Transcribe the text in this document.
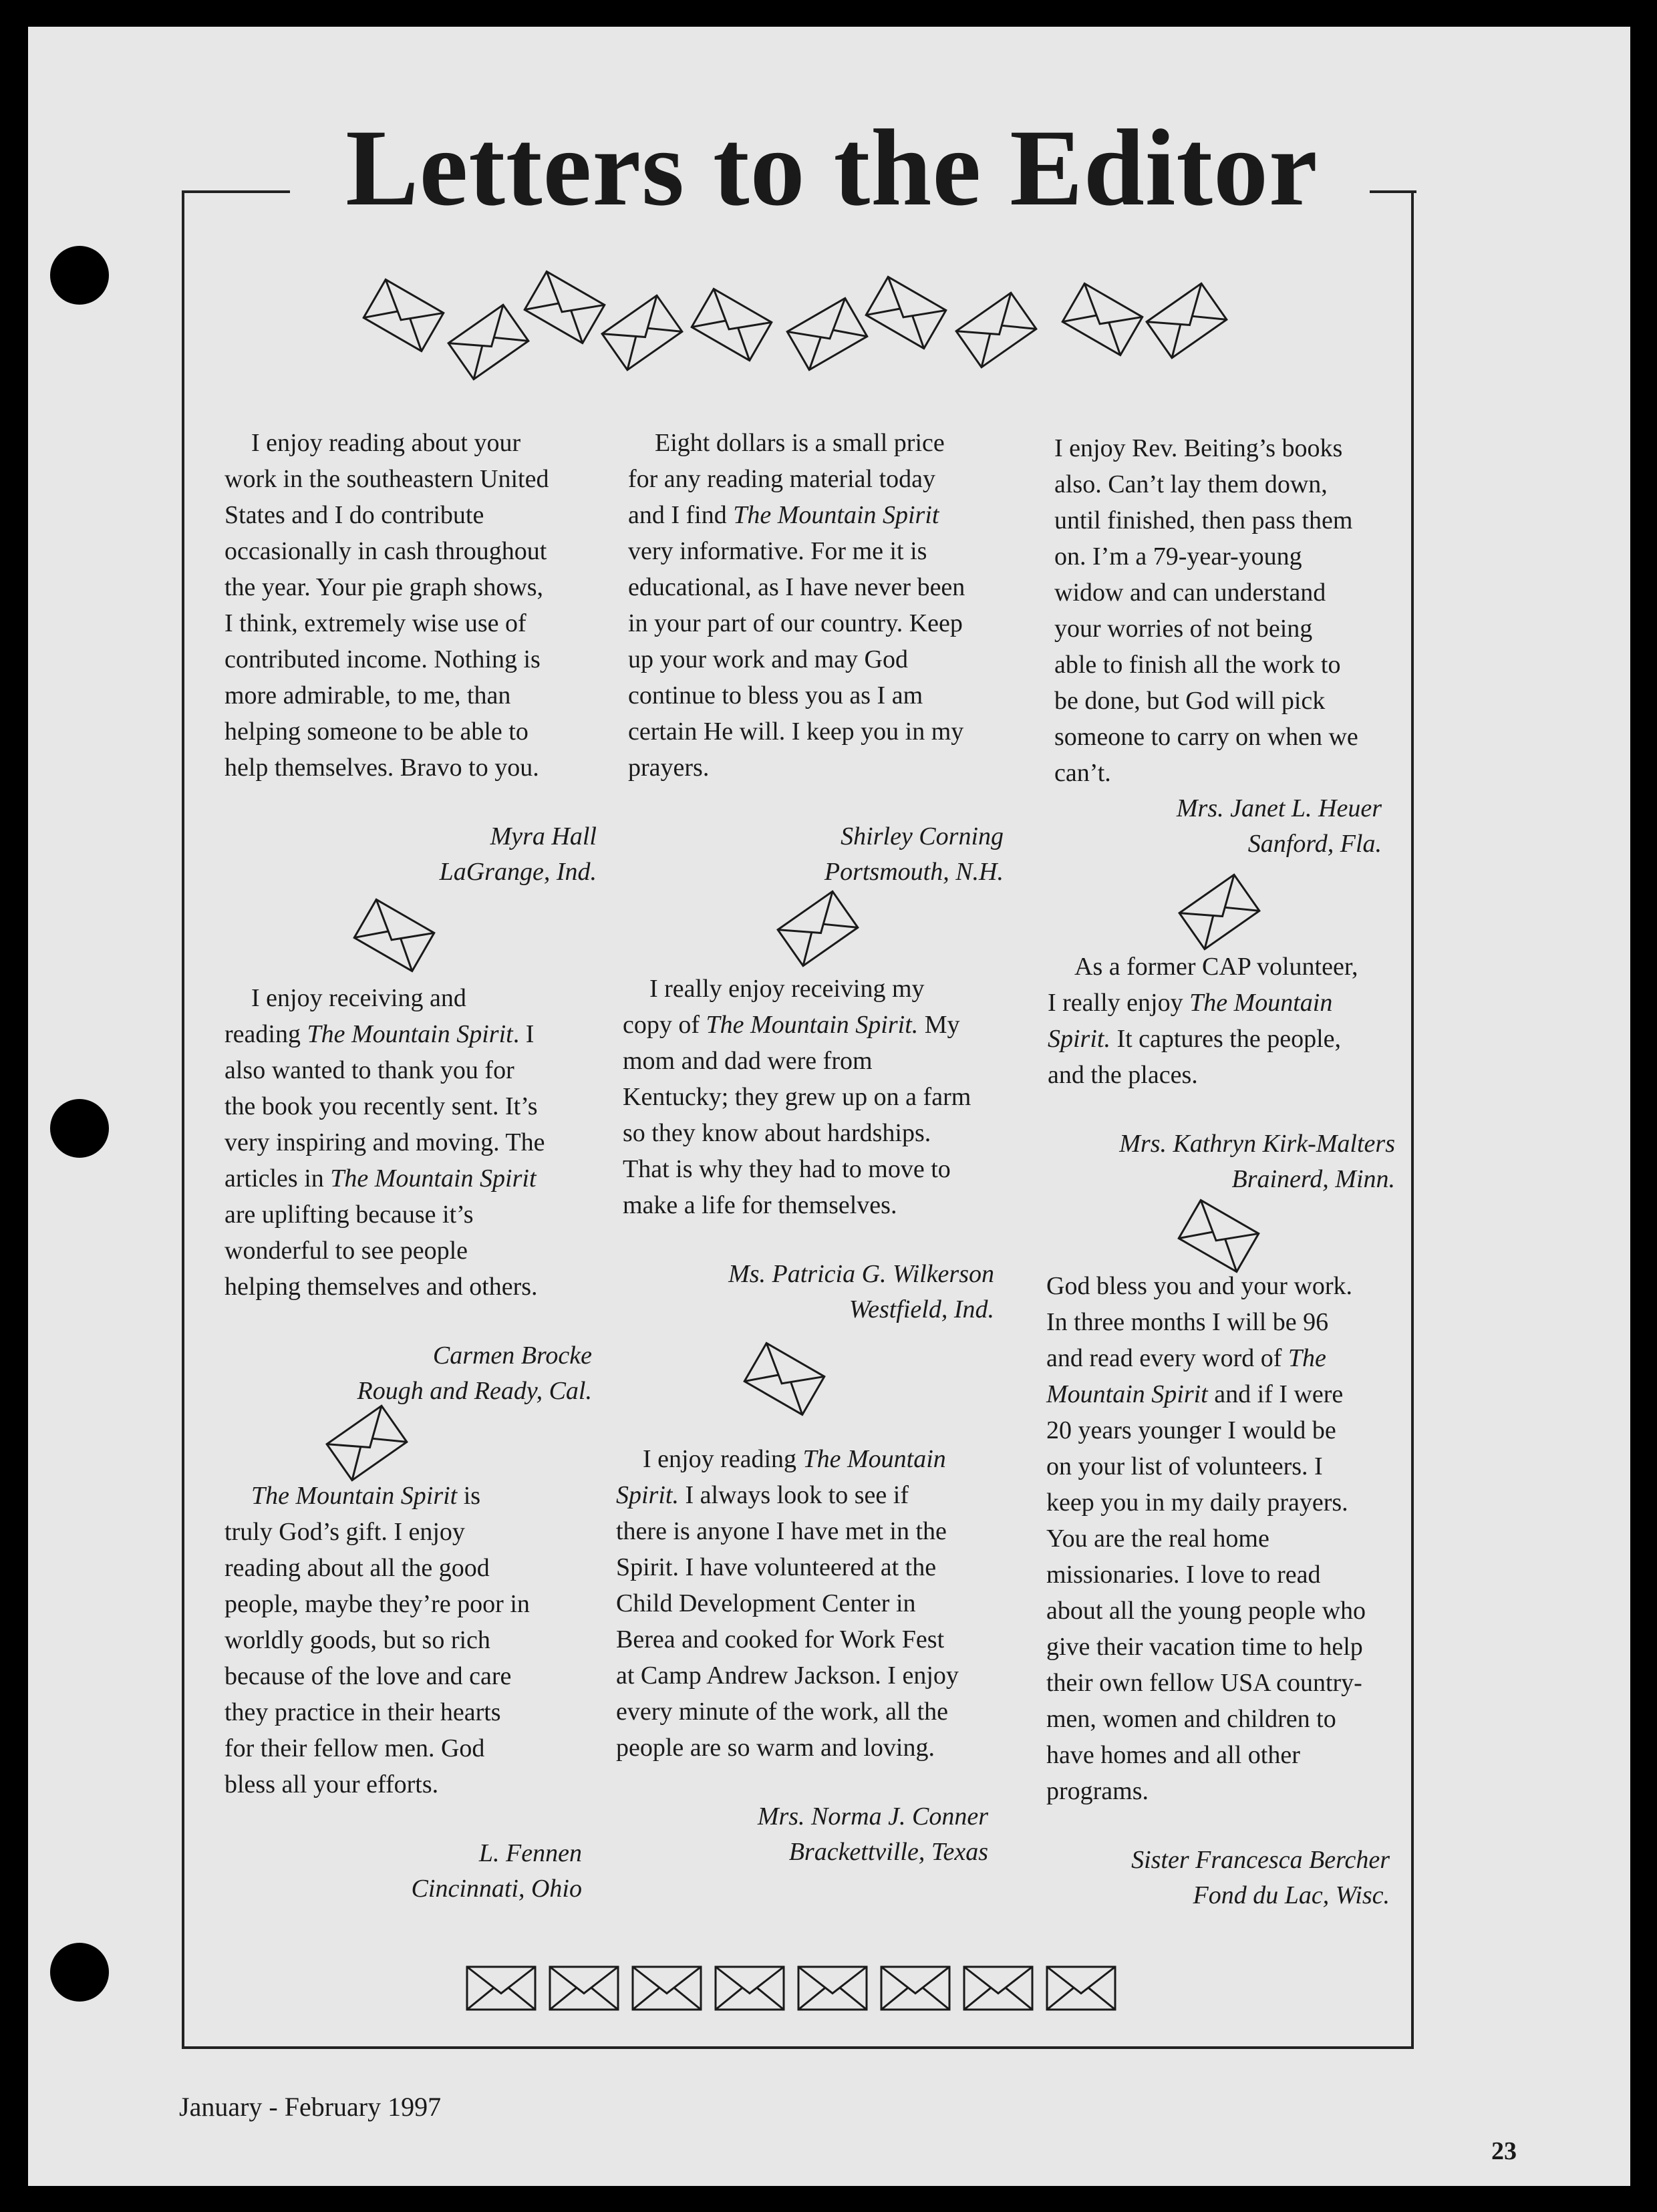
Letters to the Editor

I enjoy reading about your
work in the southeastern United
States and I do contribute
occasionally in cash throughout
the year. Your pie graph shows,
I think, extremely wise use of
contributed income. Nothing is
more admirable, to me, than
helping someone to be able to
help themselves. Bravo to you.

Myra Hall
LaGrange, Ind.

I enjoy receiving and
reading The Mountain Spirit. I
also wanted to thank you for
the book you recently sent. It’s
very inspiring and moving. The
articles in The Mountain Spirit
are uplifting because it’s
wonderful to see people
helping themselves and others.

Carmen Brocke
Rough and Ready, Cal.

The Mountain Spirit is
truly God’s gift. I enjoy
reading about all the good
people, maybe they’re poor in
worldly goods, but so rich
because of the love and care
they practice in their hearts
for their fellow men. God
bless all your efforts.

L. Fennen
Cincinnati, Ohio

Eight dollars is a small price
for any reading material today
and I find The Mountain Spirit
very informative. For me it is
educational, as I have never been
in your part of our country. Keep
up your work and may God
continue to bless you as I am
certain He will. I keep you in my
prayers.

Shirley Corning
Portsmouth, N.H.

I really enjoy receiving my
copy of The Mountain Spirit. My
mom and dad were from
Kentucky; they grew up on a farm
so they know about hardships.
That is why they had to move to
make a life for themselves.

Ms. Patricia G. Wilkerson
Westfield, Ind.

I enjoy reading The Mountain
Spirit. I always look to see if
there is anyone I have met in the
Spirit. I have volunteered at the
Child Development Center in
Berea and cooked for Work Fest
at Camp Andrew Jackson. I enjoy
every minute of the work, all the
people are so warm and loving.

Mrs. Norma J. Conner
Brackettville, Texas

I enjoy Rev. Beiting’s books
also. Can’t lay them down,
until finished, then pass them
on. I’m a 79-year-young
widow and can understand
your worries of not being
able to finish all the work to
be done, but God will pick
someone to carry on when we
can’t.

Mrs. Janet L. Heuer
Sanford, Fla.

As a former CAP volunteer,
I really enjoy The Mountain
Spirit. It captures the people,
and the places.

Mrs. Kathryn Kirk-Malters
Brainerd, Minn.

God bless you and your work.
In three months I will be 96
and read every word of The
Mountain Spirit and if I were
20 years younger I would be
on your list of volunteers. I
keep you in my daily prayers.
You are the real home
missionaries. I love to read
about all the young people who
give their vacation time to help
their own fellow USA country-
men, women and children to
have homes and all other
programs.

Sister Francesca Bercher
Fond du Lac, Wisc.
January - February 1997
23
